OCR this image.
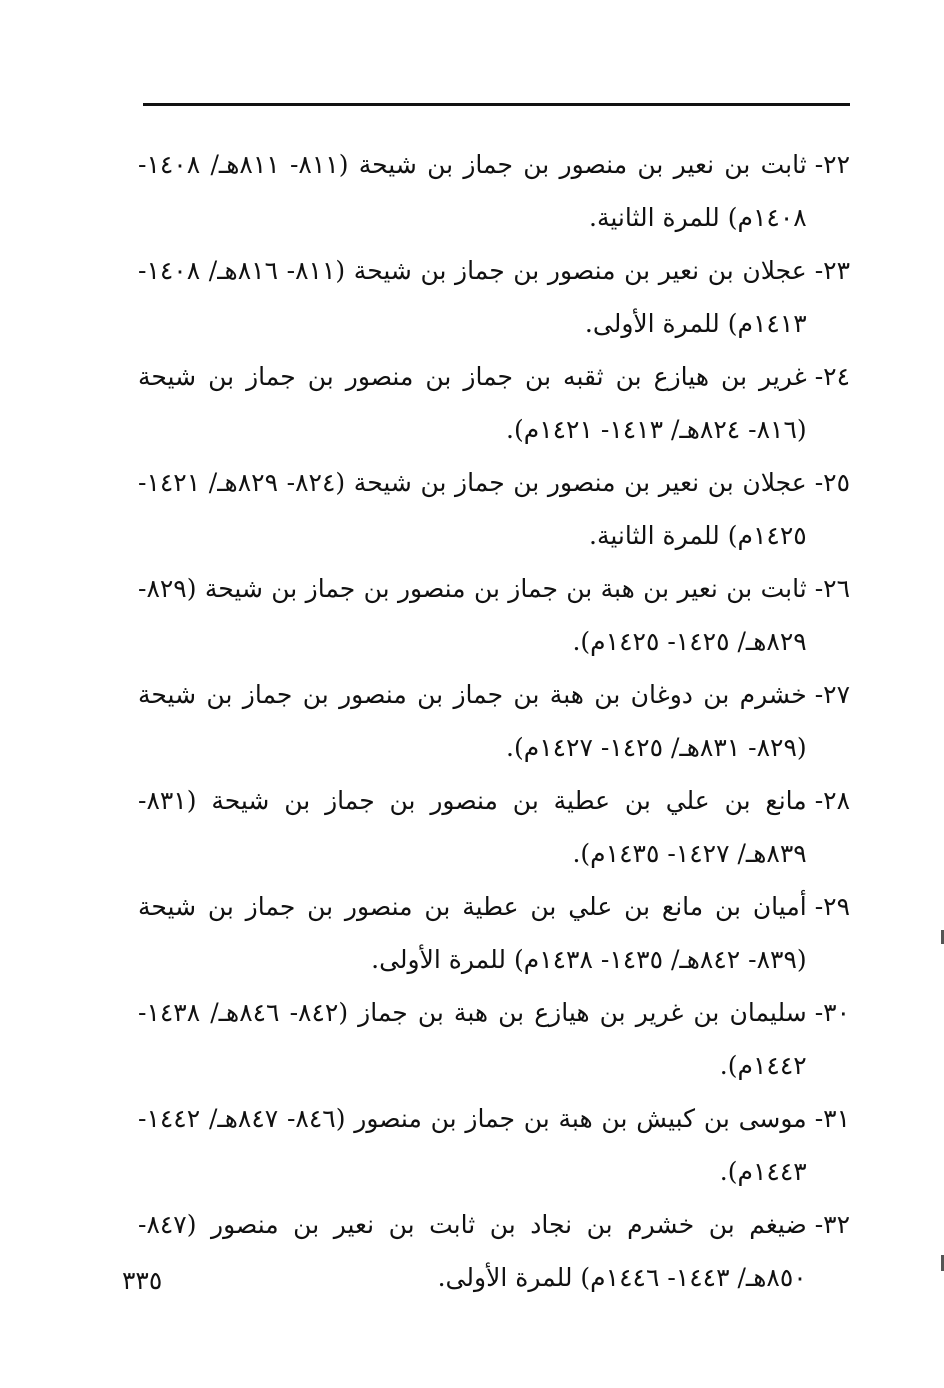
٢٢-
ثابت بن نعير بن منصور بن جماز بن شيحة (٨١١- ٨١١هـ/ ١٤٠٨- ١٤٠٨م) للمرة الثانية.
٢٣-
عجلان بن نعير بن منصور بن جماز بن شيحة (٨١١- ٨١٦هـ/ ١٤٠٨- ١٤١٣م) للمرة الأولى.
٢٤-
غرير بن هيازع بن ثقبه بن جماز بن منصور بن جماز بن شيحة (٨١٦- ٨٢٤هـ/ ١٤١٣- ١٤٢١م).
٢٥-
عجلان بن نعير بن منصور بن جماز بن شيحة (٨٢٤- ٨٢٩هـ/ ١٤٢١- ١٤٢٥م) للمرة الثانية.
٢٦-
ثابت بن نعير بن هبة بن جماز بن منصور بن جماز بن شيحة (٨٢٩- ٨٢٩هـ/ ١٤٢٥- ١٤٢٥م).
٢٧-
خشرم بن دوغان بن هبة بن جماز بن منصور بن جماز بن شيحة (٨٢٩- ٨٣١هـ/ ١٤٢٥- ١٤٢٧م).
٢٨-
مانع بن علي بن عطية بن منصور بن جماز بن شيحة (٨٣١- ٨٣٩هـ/ ١٤٢٧- ١٤٣٥م).
٢٩-
أميان بن مانع بن علي بن عطية بن منصور بن جماز بن شيحة (٨٣٩- ٨٤٢هـ/ ١٤٣٥- ١٤٣٨م) للمرة الأولى.
٣٠-
سليمان بن غرير بن هيازع بن هبة بن جماز (٨٤٢- ٨٤٦هـ/ ١٤٣٨- ١٤٤٢م).
٣١-
موسى بن كبيش بن هبة بن جماز بن منصور (٨٤٦- ٨٤٧هـ/ ١٤٤٢- ١٤٤٣م).
٣٢-
ضيغم بن خشرم بن نجاد بن ثابت بن نعير بن منصور (٨٤٧- ٨٥٠هـ/ ١٤٤٣- ١٤٤٦م) للمرة الأولى.
٣٣٥
